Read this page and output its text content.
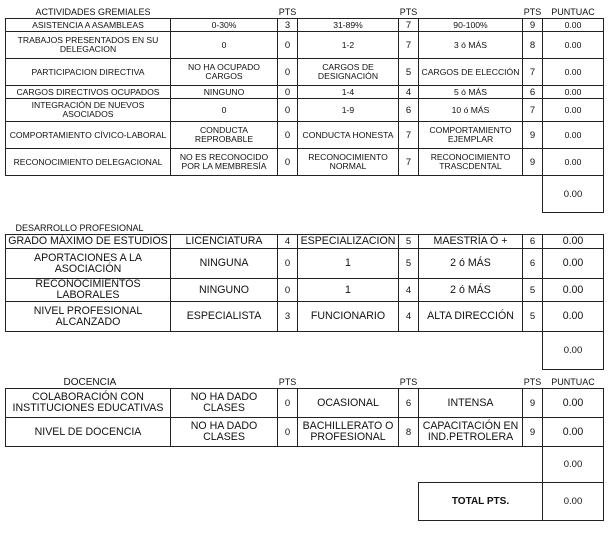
ACTIVIDADES GREMIALES		PTS		PTS		PTS	PUNTUAC
ASISTENCIA A ASAMBLEAS	0-30%	3	31-89%	7	90-100%	9	0.00
TRABAJOS PRESENTADOS EN SU DELEGACION	0	0	1-2	7	3 ó MÁS	8	0.00
PARTICIPACION DIRECTIVA	NO HA OCUPADO CARGOS	0	CARGOS DE DESIGNACIÓN	5	CARGOS DE ELECCIÓN	7	0.00
CARGOS DIRECTIVOS OCUPADOS	NINGUNO	0	1-4	4	5 ó MÁS	6	0.00
INTEGRACIÓN DE NUEVOS ASOCIADOS	0	0	1-9	6	10 ó MÁS	7	0.00
COMPORTAMIENTO CÍVICO-LABORAL	CONDUCTA REPROBABLE	0	CONDUCTA HONESTA	7	COMPORTAMIENTO EJEMPLAR	9	0.00
RECONOCIMIENTO DELEGACIONAL	NO ES RECONOCIDO POR LA MEMBRESÍA	0	RECONOCIMIENTO NORMAL	7	RECONOCIMIENTO TRASCDENTAL	9	0.00
							0.00
DESARROLLO PROFESIONAL							
GRADO MÁXIMO DE ESTUDIOS	LICENCIATURA	4	ESPECIALIZACION	5	MAESTRÍA Ó +	6	0.00
APORTACIONES A LA ASOCIACIÓN	NINGUNA	0	1	5	2 ó MÁS	6	0.00
RECONOCIMIENTOS LABORALES	NINGUNO	0	1	4	2 ó MÁS	5	0.00
NIVEL PROFESIONAL ALCANZADO	ESPECIALISTA	3	FUNCIONARIO	4	ALTA DIRECCIÓN	5	0.00
							0.00
DOCENCIA		PTS		PTS		PTS	PUNTUAC
COLABORACIÓN CON INSTITUCIONES EDUCATIVAS	NO HA DADO CLASES	0	OCASIONAL	6	INTENSA	9	0.00
NIVEL DE DOCENCIA	NO HA DADO CLASES	0	BACHILLERATO O PROFESIONAL	8	CAPACITACIÓN EN IND.PETROLERA	9	0.00
							0.00
					TOTAL PTS.		0.00
